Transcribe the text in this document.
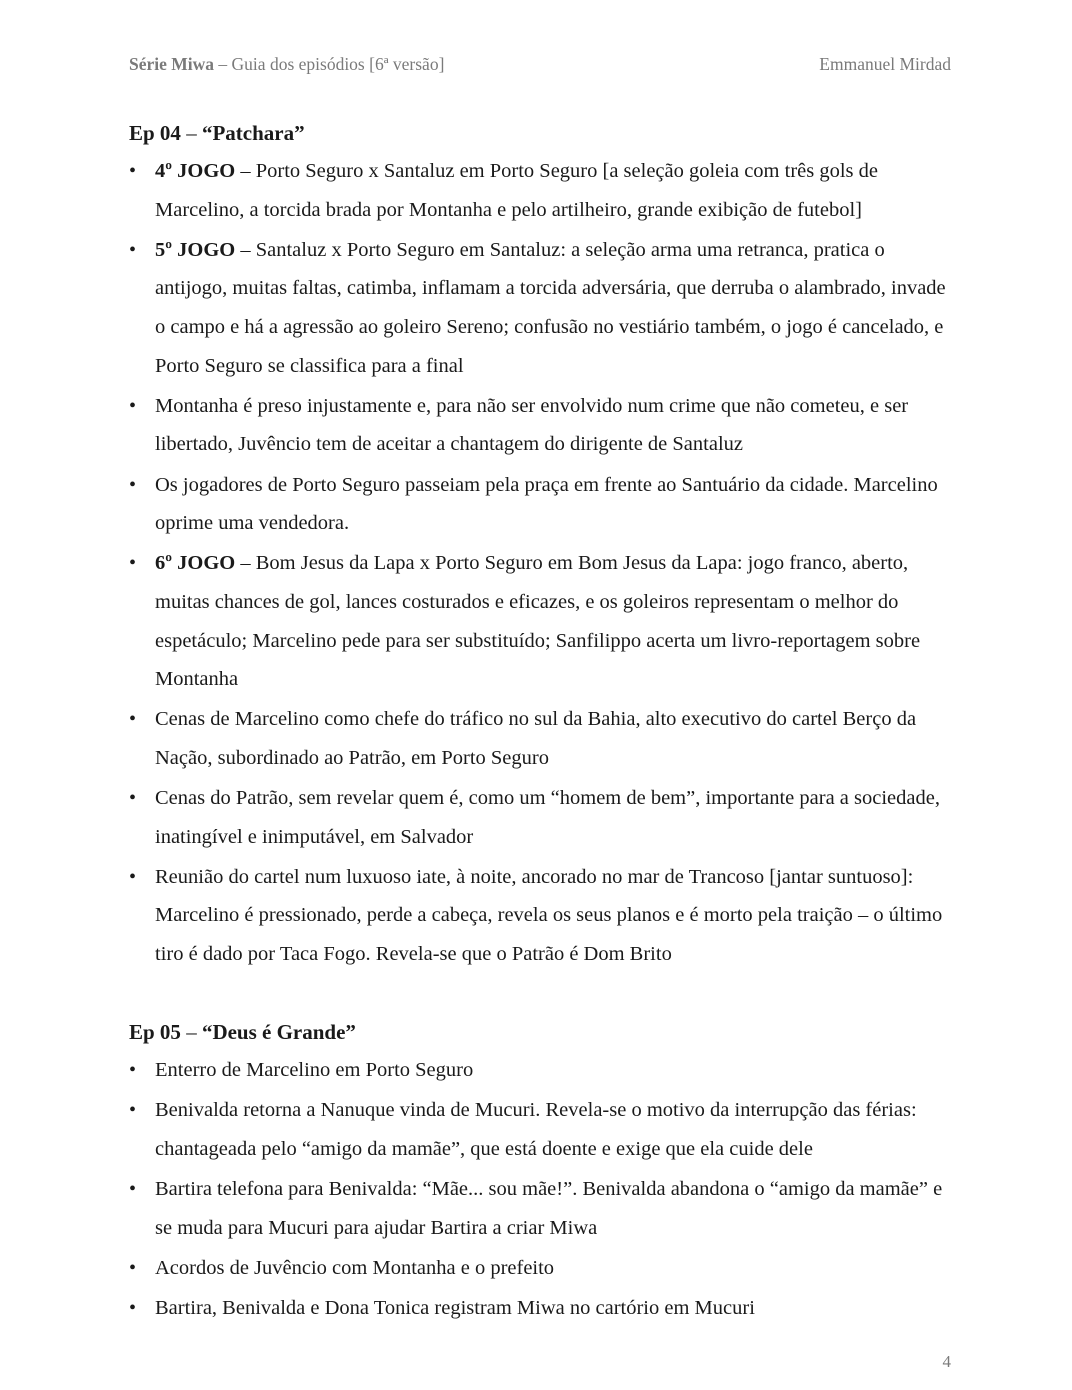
Série Miwa – Guia dos episódios [6ª versão]	Emmanuel Mirdad
Ep 04 – “Patchara”
• 4º JOGO – Porto Seguro x Santaluz em Porto Seguro [a seleção goleia com três gols de Marcelino, a torcida brada por Montanha e pelo artilheiro, grande exibição de futebol]
• 5º JOGO – Santaluz x Porto Seguro em Santaluz: a seleção arma uma retranca, pratica o antijogo, muitas faltas, catimba, inflamam a torcida adversária, que derruba o alambrado, invade o campo e há a agressão ao goleiro Sereno; confusão no vestiário também, o jogo é cancelado, e Porto Seguro se classifica para a final
• Montanha é preso injustamente e, para não ser envolvido num crime que não cometeu, e ser libertado, Juvêncio tem de aceitar a chantagem do dirigente de Santaluz
• Os jogadores de Porto Seguro passeiam pela praça em frente ao Santuário da cidade. Marcelino oprime uma vendedora.
• 6º JOGO – Bom Jesus da Lapa x Porto Seguro em Bom Jesus da Lapa: jogo franco, aberto, muitas chances de gol, lances costurados e eficazes, e os goleiros representam o melhor do espetáculo; Marcelino pede para ser substituído; Sanfilippo acerta um livro-reportagem sobre Montanha
• Cenas de Marcelino como chefe do tráfico no sul da Bahia, alto executivo do cartel Berço da Nação, subordinado ao Patrão, em Porto Seguro
• Cenas do Patrão, sem revelar quem é, como um “homem de bem”, importante para a sociedade, inatingível e inimputável, em Salvador
• Reunião do cartel num luxuoso iate, à noite, ancorado no mar de Trancoso [jantar suntuoso]: Marcelino é pressionado, perde a cabeça, revela os seus planos e é morto pela traição – o último tiro é dado por Taca Fogo. Revela-se que o Patrão é Dom Brito
Ep 05 – “Deus é Grande”
• Enterro de Marcelino em Porto Seguro
• Benivalda retorna a Nanuque vinda de Mucuri. Revela-se o motivo da interrupção das férias: chantageada pelo “amigo da mamãe”, que está doente e exige que ela cuide dele
• Bartira telefona para Benivalda: “Mãe... sou mãe!”. Benivalda abandona o “amigo da mamãe” e se muda para Mucuri para ajudar Bartira a criar Miwa
• Acordos de Juvêncio com Montanha e o prefeito
• Bartira, Benivalda e Dona Tonica registram Miwa no cartório em Mucuri
4
